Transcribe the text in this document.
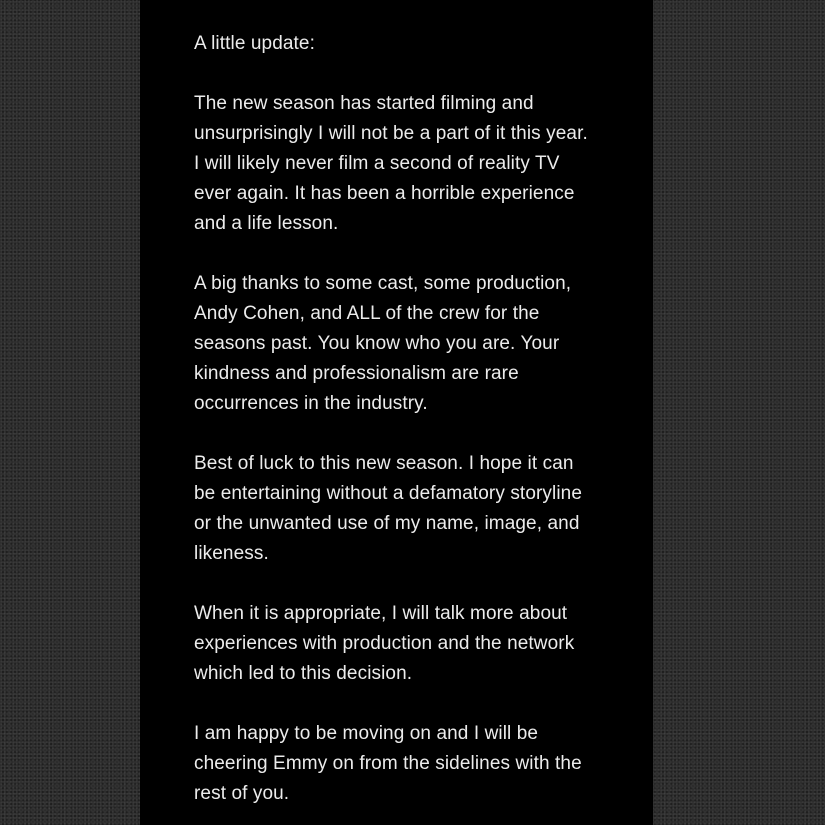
A little update:
The new season has started filming and
unsurprisingly I will not be a part of it this year.
I will likely never film a second of reality TV
ever again. It has been a horrible experience
and a life lesson.
A big thanks to some cast, some production,
Andy Cohen, and ALL of the crew for the
seasons past. You know who you are. Your
kindness and professionalism are rare
occurrences in the industry.
Best of luck to this new season. I hope it can
be entertaining without a defamatory storyline
or the unwanted use of my name, image, and
likeness.
When it is appropriate, I will talk more about
experiences with production and the network
which led to this decision.
I am happy to be moving on and I will be
cheering Emmy on from the sidelines with the
rest of you.
